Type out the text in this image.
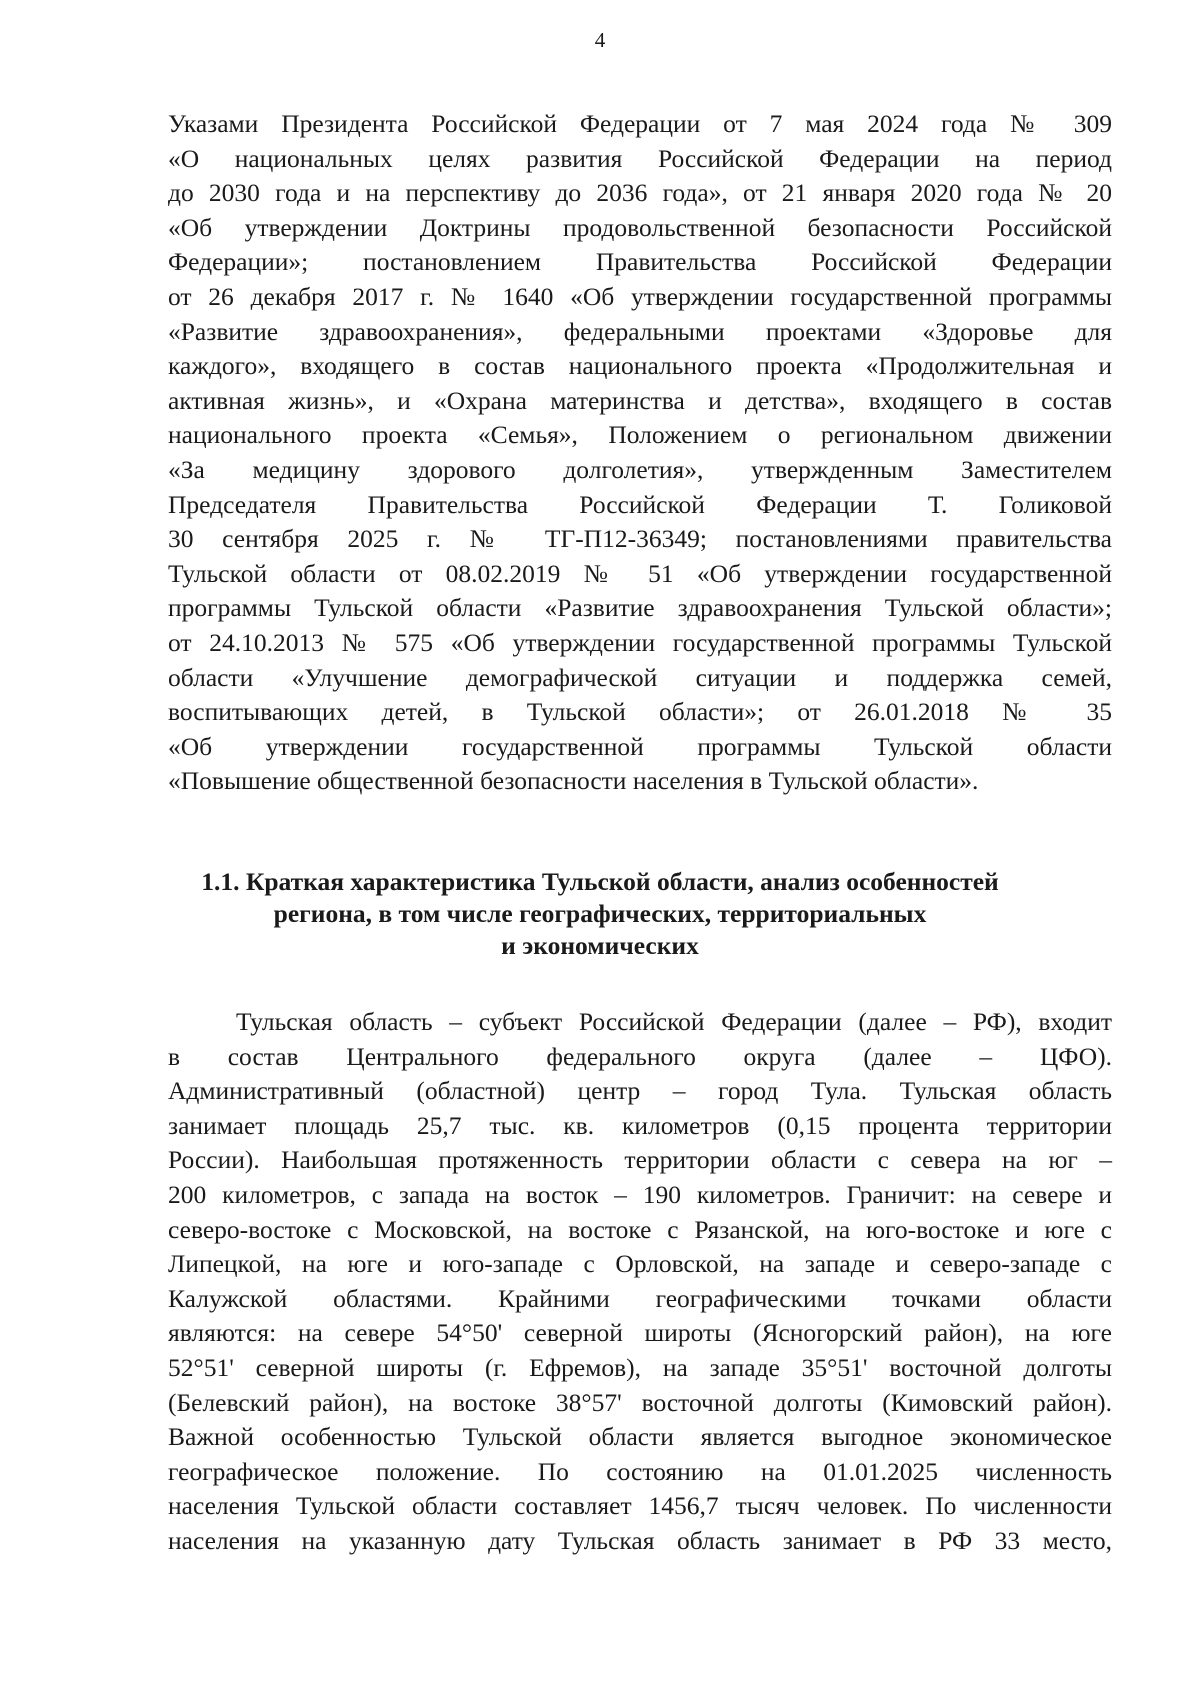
4
Указами Президента Российской Федерации от 7 мая 2024 года № 309
«О национальных целях развития Российской Федерации на период
до 2030 года и на перспективу до 2036 года», от 21 января 2020 года № 20
«Об утверждении Доктрины продовольственной безопасности Российской
Федерации»; постановлением Правительства Российской Федерации
от 26 декабря 2017 г. № 1640 «Об утверждении государственной программы
«Развитие здравоохранения», федеральными проектами «Здоровье для
каждого», входящего в состав национального проекта «Продолжительная и
активная жизнь», и «Охрана материнства и детства», входящего в состав
национального проекта «Семья», Положением о региональном движении
«За медицину здорового долголетия», утвержденным Заместителем
Председателя Правительства Российской Федерации Т. Голиковой
30 сентября 2025 г. № ТГ-П12-36349; постановлениями правительства
Тульской области от 08.02.2019 № 51 «Об утверждении государственной
программы Тульской области «Развитие здравоохранения Тульской области»;
от 24.10.2013 № 575 «Об утверждении государственной программы Тульской
области «Улучшение демографической ситуации и поддержка семей,
воспитывающих детей, в Тульской области»; от 26.01.2018 № 35
«Об утверждении государственной программы Тульской области
«Повышение общественной безопасности населения в Тульской области».
1.1. Краткая характеристика Тульской области, анализ особенностей
региона, в том числе географических, территориальных
и экономических
Тульская область – субъект Российской Федерации (далее – РФ), входит
в состав Центрального федерального округа (далее – ЦФО).
Административный (областной) центр – город Тула. Тульская область
занимает площадь 25,7 тыс. кв. километров (0,15 процента территории
России). Наибольшая протяженность территории области с севера на юг –
200 километров, с запада на восток – 190 километров. Граничит: на севере и
северо-востоке с Московской, на востоке с Рязанской, на юго-востоке и юге с
Липецкой, на юге и юго-западе с Орловской, на западе и северо-западе с
Калужской областями. Крайними географическими точками области
являются: на севере 54°50' северной широты (Ясногорский район), на юге
52°51' северной широты (г. Ефремов), на западе 35°51' восточной долготы
(Белевский район), на востоке 38°57' восточной долготы (Кимовский район).
Важной особенностью Тульской области является выгодное экономическое
географическое положение. По состоянию на 01.01.2025 численность
населения Тульской области составляет 1456,7 тысяч человек. По численности
населения на указанную дату Тульская область занимает в РФ 33 место,
